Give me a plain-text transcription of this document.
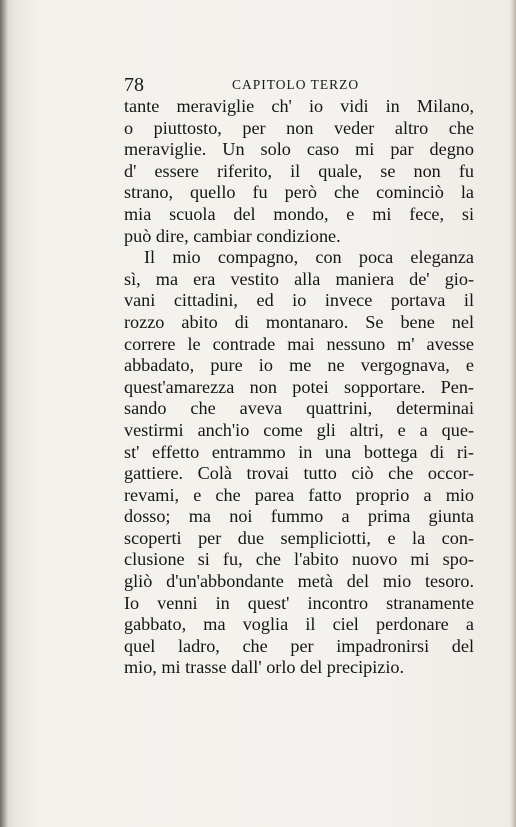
78	CAPITOLO TERZO
tante meraviglie ch' io vidi in Milano,
o piuttosto, per non veder altro che
meraviglie. Un solo caso mi par degno
d' essere riferito, il quale, se non fu
strano, quello fu però che cominciò la
mia scuola del mondo, e mi fece, si
può dire, cambiar condizione.
Il mio compagno, con poca eleganza
sì, ma era vestito alla maniera de' gio-
vani cittadini, ed io invece portava il
rozzo abito di montanaro. Se bene nel
correre le contrade mai nessuno m' avesse
abbadato, pure io me ne vergognava, e
quest'amarezza non potei sopportare. Pen-
sando che aveva quattrini, determinai
vestirmi anch'io come gli altri, e a que-
st' effetto entrammo in una bottega di ri-
gattiere. Colà trovai tutto ciò che occor-
revami, e che parea fatto proprio a mio
dosso; ma noi fummo a prima giunta
scoperti per due sempliciotti, e la con-
clusione si fu, che l'abito nuovo mi spo-
gliò d'un'abbondante metà del mio tesoro.
Io venni in quest' incontro stranamente
gabbato, ma voglia il ciel perdonare a
quel ladro, che per impadronirsi del
mio, mi trasse dall' orlo del precipizio.
